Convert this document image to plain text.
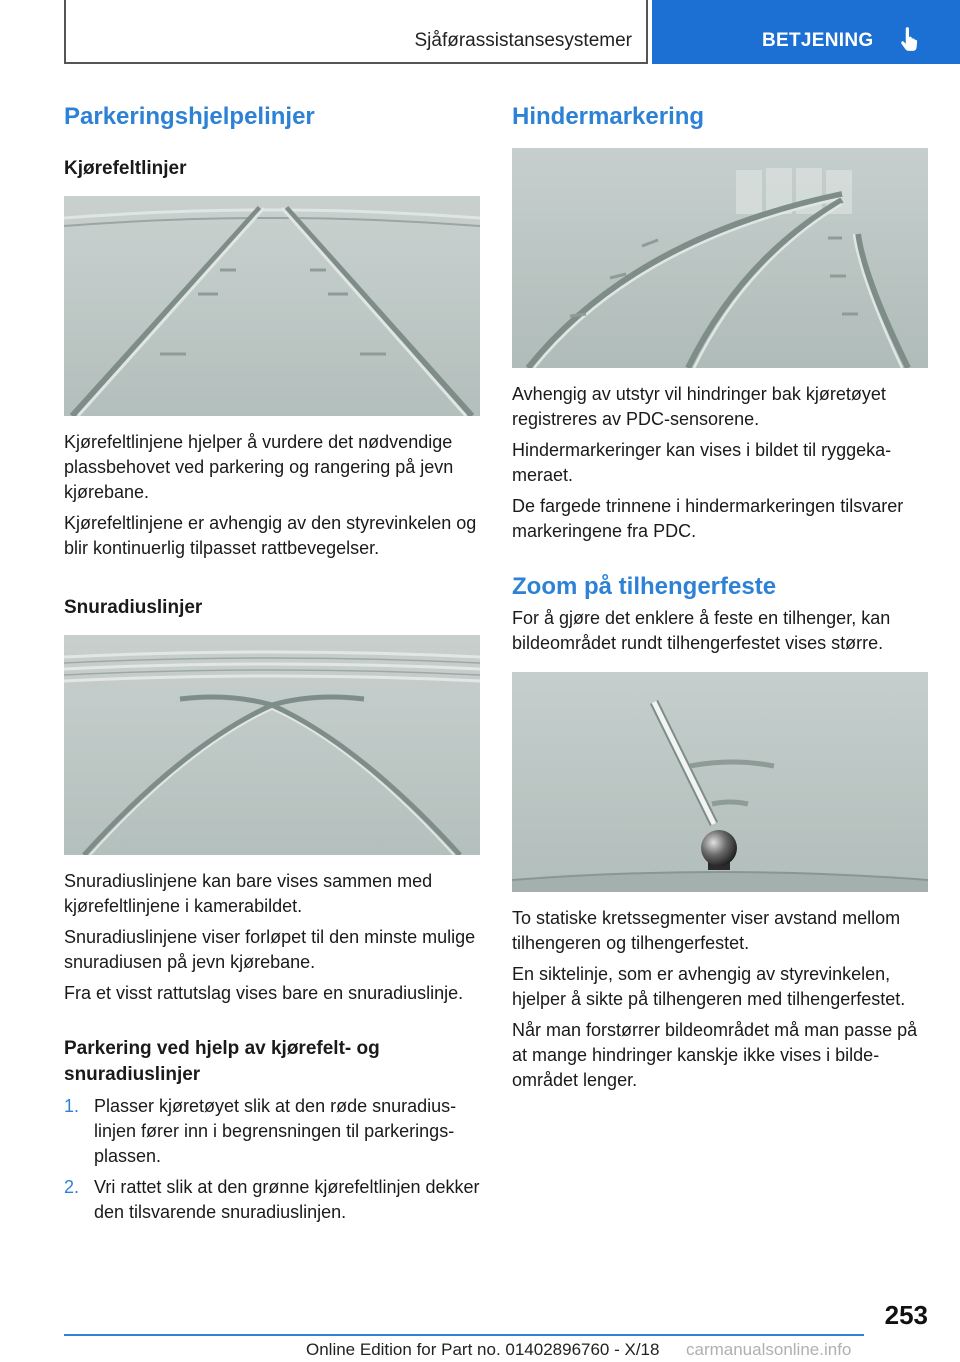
Sjåførassistansesystemer	BETJENING
Parkeringshjelpelinjer
Kjørefeltlinjer

Kjørefeltlinjene hjelper å vurdere det nødvendige plassbehovet ved parkering og rangering på jevn kjørebane.

Kjørefeltlinjene er avhengig av den styrevinkelen og blir kontinuerlig tilpasset rattbevegelser.

Snuradiuslinjer

Snuradiuslinjene kan bare vises sammen med kjørefeltlinjene i kamerabildet.

Snuradiuslinjene viser forløpet til den minste mulige snuradiusen på jevn kjørebane.

Fra et visst rattutslag vises bare en snuradiuslinje.

Parkering ved hjelp av kjørefelt- og snuradiuslinjer
1. Plasser kjøretøyet slik at den røde snuradiuslinjen fører inn i begrensningen til parkeringsplassen.
2. Vri rattet slik at den grønne kjørefeltlinjen dekker den tilsvarende snuradiuslinjen.
Hindermarkering

Avhengig av utstyr vil hindringer bak kjøretøyet registreres av PDC-sensorene.

Hindermarkeringer kan vises i bildet til ryggekameraet.

De fargede trinnene i hindermarkeringen tilsvarer markeringene fra PDC.

Zoom på tilhengerfeste

For å gjøre det enklere å feste en tilhenger, kan bildeområdet rundt tilhengerfestet vises større.

To statiske kretssegmenter viser avstand mellom tilhengeren og tilhengerfestet.

En siktelinje, som er avhengig av styrevinkelen, hjelper å sikte på tilhengeren med tilhengerfestet.

Når man forstørrer bildeområdet må man passe på at mange hindringer kanskje ikke vises i bildeområdet lenger.

253
Online Edition for Part no. 01402896760 - X/18 carmanualsonline.info
